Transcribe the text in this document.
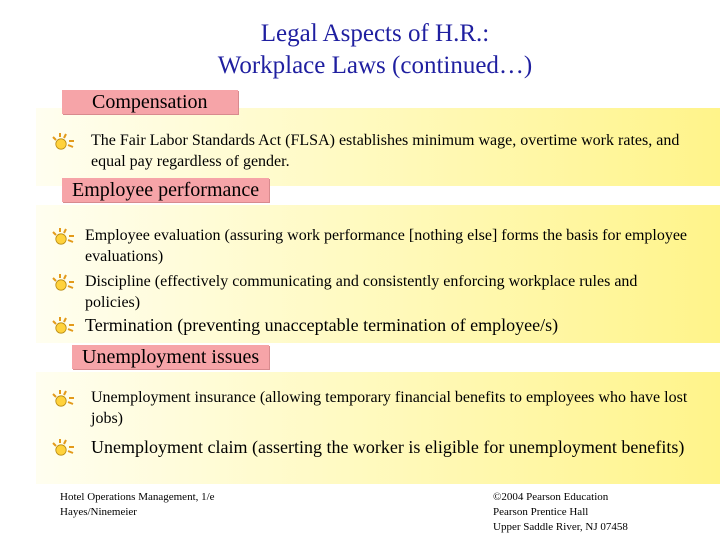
Legal Aspects of H.R.:
Workplace Laws (continued…)
Compensation
The Fair Labor Standards Act (FLSA) establishes minimum wage, overtime work rates, and equal pay regardless of gender.
Employee performance
Employee evaluation (assuring work performance [nothing else] forms the basis for employee evaluations)
Discipline (effectively communicating and consistently enforcing workplace rules and policies)
Termination (preventing unacceptable termination of employee/s)
Unemployment issues
Unemployment insurance (allowing temporary financial benefits to employees who have lost jobs)
Unemployment claim (asserting the worker is eligible for unemployment benefits)
Hotel Operations Management, 1/e
Hayes/Ninemeier
©2004 Pearson Education
Pearson Prentice Hall
Upper Saddle River, NJ 07458
